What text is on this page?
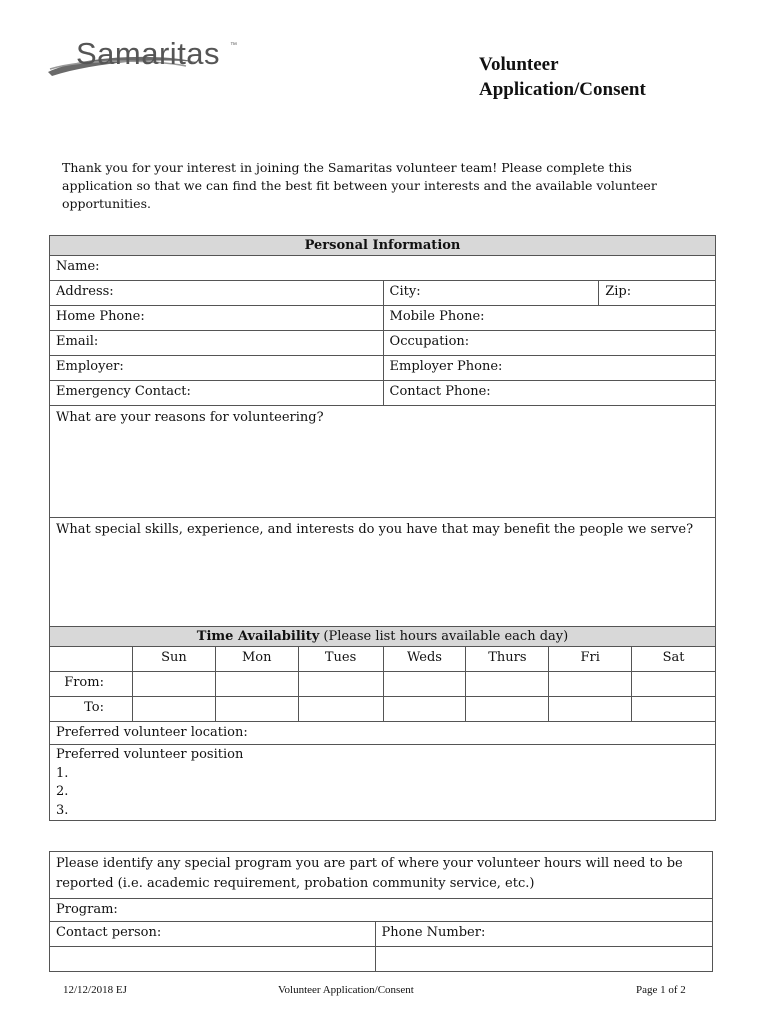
Samaritas ™
Volunteer
Application/Consent
Thank you for your interest in joining the Samaritas volunteer team! Please complete this application so that we can find the best fit between your interests and the available volunteer opportunities.
Personal Information								
Name:								
Address:				City:			Zip:	
Home Phone:				Mobile Phone:				
Email:				Occupation:				
Employer:				Employer Phone:				
Emergency Contact:				Contact Phone:				
What are your reasons for volunteering?								
What special skills, experience, and interests do you have that may benefit the people we serve?								
Time Availability (Please list hours available each day)								
	Sun	Mon	Tues	Weds	Thurs	Fri		Sat
From:								
To:								
Preferred volunteer location:								

Preferred volunteer position
1.
2.
3.								
Please identify any special program you are part of where your volunteer hours will need to be reported (i.e. academic requirement, probation community service, etc.)	
Program:	
Contact person:	Phone Number:

12/12/2018 EJ	Volunteer Application/Consent	Page 1 of 2
